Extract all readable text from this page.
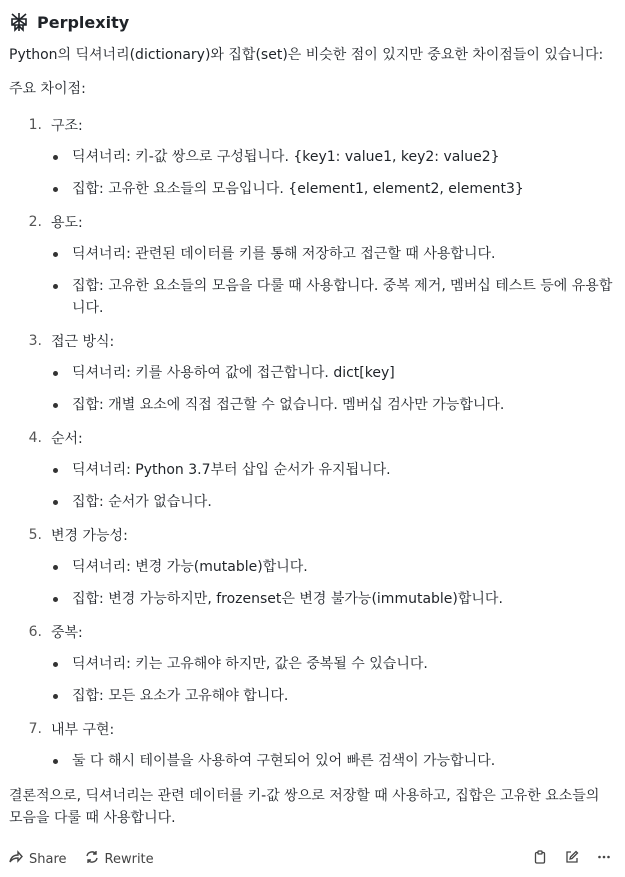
Perplexity

Python의 딕셔너리(dictionary)와 집합(set)은 비슷한 점이 있지만 중요한 차이점들이 있습니다:

주요 차이점:

1. 구조:
딕셔너리: 키-값 쌍으로 구성됩니다. {key1: value1, key2: value2}
집합: 고유한 요소들의 모음입니다. {element1, element2, element3}
2. 용도:
딕셔너리: 관련된 데이터를 키를 통해 저장하고 접근할 때 사용합니다.
집합: 고유한 요소들의 모음을 다룰 때 사용합니다. 중복 제거, 멤버십 테스트 등에 유용합니다.
3. 접근 방식:
딕셔너리: 키를 사용하여 값에 접근합니다. dict[key]
집합: 개별 요소에 직접 접근할 수 없습니다. 멤버십 검사만 가능합니다.
4. 순서:
딕셔너리: Python 3.7부터 삽입 순서가 유지됩니다.
집합: 순서가 없습니다.
5. 변경 가능성:
딕셔너리: 변경 가능(mutable)합니다.
집합: 변경 가능하지만, frozenset은 변경 불가능(immutable)합니다.
6. 중복:
딕셔너리: 키는 고유해야 하지만, 값은 중복될 수 있습니다.
집합: 모든 요소가 고유해야 합니다.
7. 내부 구현:
둘 다 해시 테이블을 사용하여 구현되어 있어 빠른 검색이 가능합니다.

결론적으로, 딕셔너리는 관련 데이터를 키-값 쌍으로 저장할 때 사용하고, 집합은 고유한 요소들의 모음을 다룰 때 사용합니다.

Share	Rewrite
